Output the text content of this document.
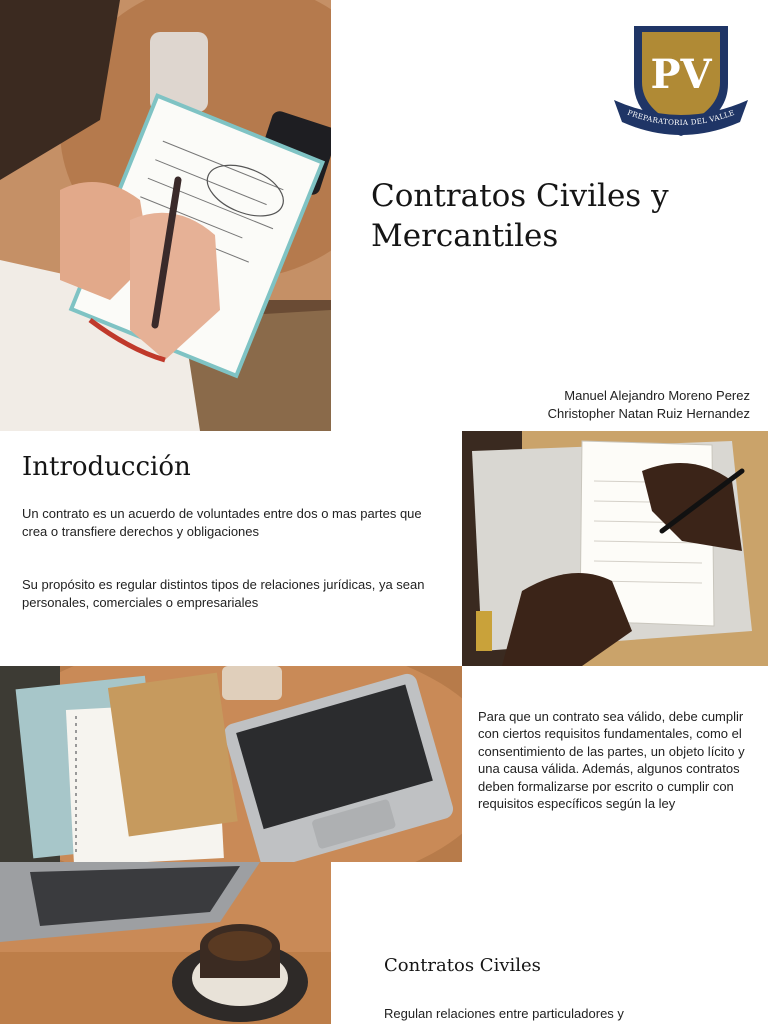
PV
PREPARATORIA DEL VALLE
Contratos Civiles y Mercantiles
Manuel Alejandro Moreno Perez
Christopher Natan Ruiz Hernandez
Introducción

Un contrato es un acuerdo de voluntades entre dos o mas partes que crea o transfiere derechos y obligaciones

Su propósito es regular distintos tipos de relaciones jurídicas, ya sean personales, comerciales o empresariales

Para que un contrato sea válido, debe cumplir con ciertos requisitos fundamentales, como el consentimiento de las partes, un objeto lícito y una causa válida. Además, algunos contratos deben formalizarse por escrito o cumplir con requisitos específicos según la ley

Contratos Civiles

Regulan relaciones entre particuladores y
